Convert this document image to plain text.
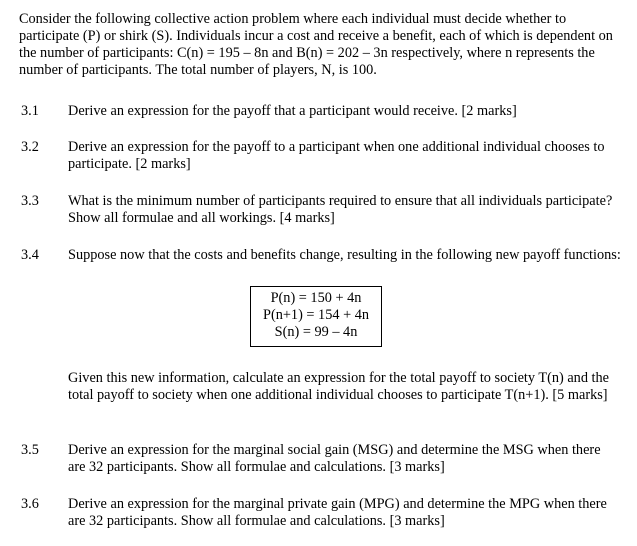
Consider the following collective action problem where each individual must decide whether to participate (P) or shirk (S). Individuals incur a cost and receive a benefit, each of which is dependent on the number of participants: C(n) = 195 – 8n and B(n) = 202 – 3n respectively, where n represents the number of participants. The total number of players, N, is 100.

3.1 Derive an expression for the payoff that a participant would receive. [2 marks]
3.2 Derive an expression for the payoff to a participant when one additional individual chooses to participate. [2 marks]
3.3 What is the minimum number of participants required to ensure that all individuals participate? Show all formulae and all workings. [4 marks]
3.4 Suppose now that the costs and benefits change, resulting in the following new payoff functions:
P(n) = 150 + 4n
P(n+1) = 154 + 4n
S(n) = 99 – 4n
Given this new information, calculate an expression for the total payoff to society T(n) and the total payoff to society when one additional individual chooses to participate T(n+1). [5 marks]
3.5 Derive an expression for the marginal social gain (MSG) and determine the MSG when there are 32 participants. Show all formulae and calculations. [3 marks]
3.6 Derive an expression for the marginal private gain (MPG) and determine the MPG when there are 32 participants. Show all formulae and calculations. [3 marks]
